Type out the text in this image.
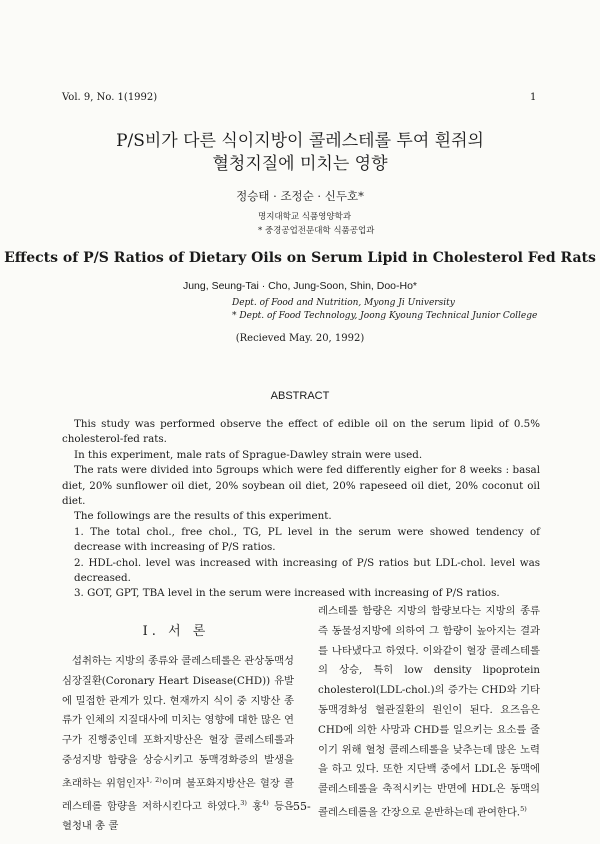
Vol. 9, No. 1(1992)	1
P/S비가 다른 식이지방이 콜레스테롤 투여 흰쥐의
혈청지질에 미치는 영향
정승태 · 조정순 · 신두호*
명지대학교 식품영양학과
* 중경공업전문대학 식품공업과
Effects of P/S Ratios of Dietary Oils on Serum Lipid in Cholesterol Fed Rats
Jung, Seung-Tai · Cho, Jung-Soon, Shin, Doo-Ho*
Dept. of Food and Nutrition, Myong Ji University
* Dept. of Food Technology, Joong Kyoung Technical Junior College
(Recieved May. 20, 1992)
ABSTRACT

This study was performed observe the effect of edible oil on the serum lipid of 0.5% cholesterol-fed rats.

In this experiment, male rats of Sprague-Dawley strain were used.

The rats were divided into 5groups which were fed differently eigher for 8 weeks : basal diet, 20% sunflower oil diet, 20% soybean oil diet, 20% rapeseed oil diet, 20% coconut oil diet.

The followings are the results of this experiment.

1. The total chol., free chol., TG, PL level in the serum were showed tendency of decrease with increasing of P/S ratios.

2. HDL-chol. level was increased with increasing of P/S ratios but LDL-chol. level was decreased.

3. GOT, GPT, TBA level in the serum were increased with increasing of P/S ratios.

I. 서 론

섭취하는 지방의 종류와 콜레스테롤은 관상동맥성 심장질환(Coronary Heart Disease(CHD)) 유발에 밀접한 관계가 있다. 현재까지 식이 중 지방산 종류가 인체의 지질대사에 미치는 영향에 대한 많은 연구가 진행중인데 포화지방산은 혈장 콜레스테롤과 중성지방 함량을 상승시키고 동맥경화증의 발생을 초래하는 위험인자$^{1, 2)}$이며 불포화지방산은 혈장 콜레스테롤 함량을 저하시킨다고 하였다.$^{3)}$ 홍$^{4)}$ 등은 혈청내 총 콜

레스테롤 함량은 지방의 함량보다는 지방의 종류 즉 동물성지방에 의하여 그 함량이 높아지는 결과를 나타냈다고 하였다. 이와같이 혈장 콜레스테롤의 상승, 특히 low density lipoprotein cholesterol(LDL-chol.)의 증가는 CHD와 기타 동맥경화성 혈관질환의 원인이 된다. 요즈음은 CHD에 의한 사망과 CHD를 일으키는 요소를 줄이기 위해 혈청 콜레스테롤을 낮추는데 많은 노력을 하고 있다. 또한 지단백 중에서 LDL은 동맥에 콜레스테롤을 축적시키는 반면에 HDL은 동맥의 콜레스테롤을 간장으로 운반하는데 관여한다.$^{5)}$

-55-
